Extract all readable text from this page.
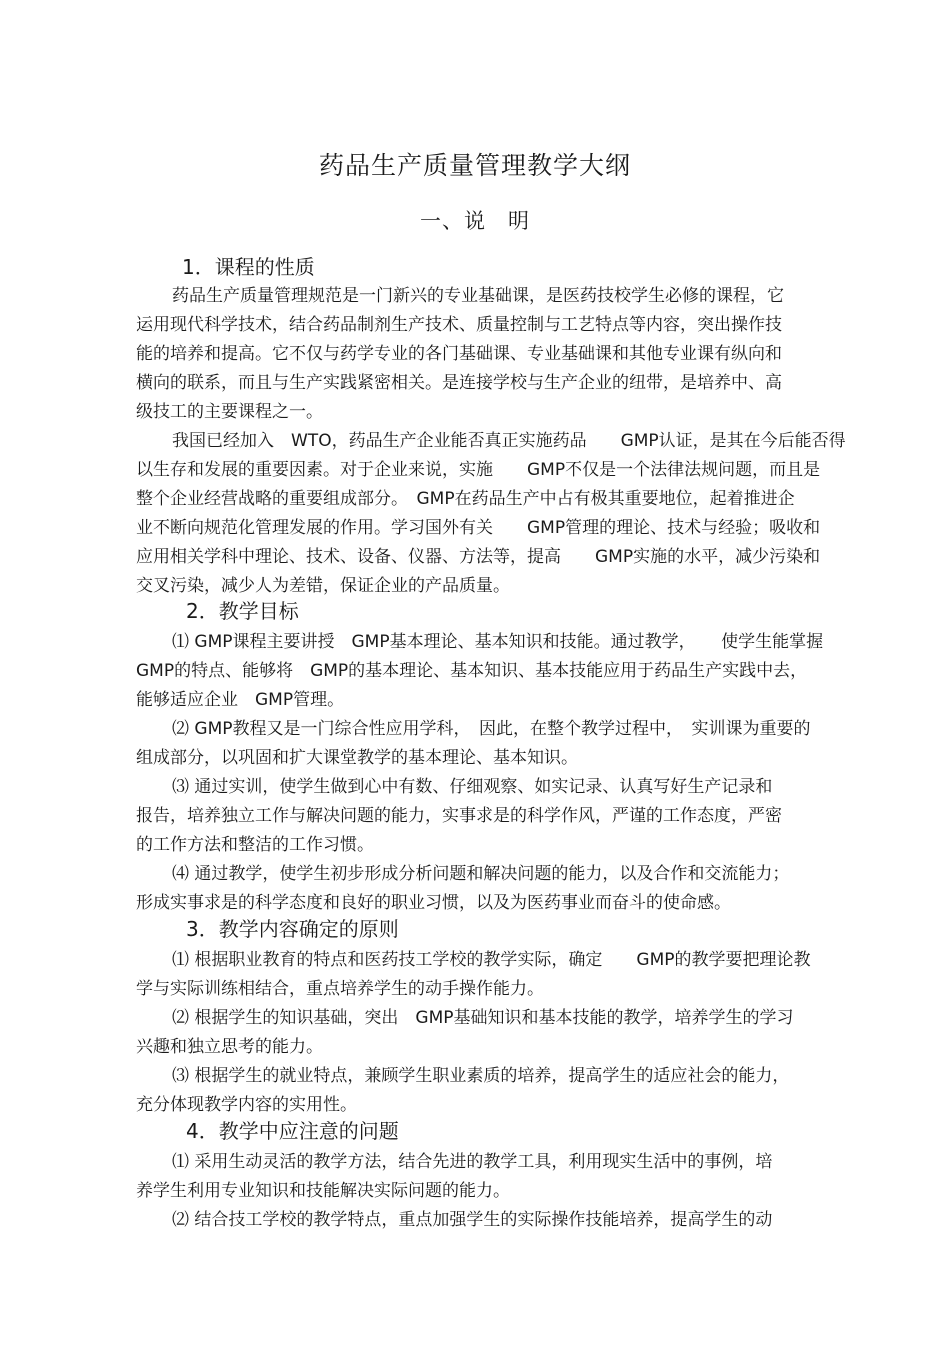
药品生产质量管理教学大纲
一、说　明
1．课程的性质
药品生产质量管理规范是一门新兴的专业基础课，是医药技校学生必修的课程，它
运用现代科学技术，结合药品制剂生产技术、质量控制与工艺特点等内容，突出操作技
能的培养和提高。它不仅与药学专业的各门基础课、专业基础课和其他专业课有纵向和
横向的联系，而且与生产实践紧密相关。是连接学校与生产企业的纽带，是培养中、高
级技工的主要课程之一。
我国已经加入　WTO，药品生产企业能否真正实施药品　　GMP认证，是其在今后能否得
以生存和发展的重要因素。对于企业来说，实施　　GMP不仅是一个法律法规问题，而且是
整个企业经营战略的重要组成部分。　GMP在药品生产中占有极其重要地位，起着推进企
业不断向规范化管理发展的作用。学习国外有关　　GMP管理的理论、技术与经验；吸收和
应用相关学科中理论、技术、设备、仪器、方法等，提高　　GMP实施的水平，减少污染和
交叉污染，减少人为差错，保证企业的产品质量。
2．教学目标
⑴ GMP课程主要讲授　GMP基本理论、基本知识和技能。通过教学，　　使学生能掌握
GMP的特点、能够将　GMP的基本理论、基本知识、基本技能应用于药品生产实践中去，
能够适应企业　GMP管理。
⑵ GMP教程又是一门综合性应用学科，　因此，在整个教学过程中，　实训课为重要的
组成部分，以巩固和扩大课堂教学的基本理论、基本知识。
⑶ 通过实训，使学生做到心中有数、仔细观察、如实记录、认真写好生产记录和
报告，培养独立工作与解决问题的能力，实事求是的科学作风，严谨的工作态度，严密
的工作方法和整洁的工作习惯。
⑷ 通过教学，使学生初步形成分析问题和解决问题的能力，以及合作和交流能力；
形成实事求是的科学态度和良好的职业习惯，以及为医药事业而奋斗的使命感。
3．教学内容确定的原则
⑴ 根据职业教育的特点和医药技工学校的教学实际，确定　　GMP的教学要把理论教
学与实际训练相结合，重点培养学生的动手操作能力。
⑵ 根据学生的知识基础，突出　GMP基础知识和基本技能的教学，培养学生的学习
兴趣和独立思考的能力。
⑶ 根据学生的就业特点，兼顾学生职业素质的培养，提高学生的适应社会的能力，
充分体现教学内容的实用性。
4．教学中应注意的问题
⑴ 采用生动灵活的教学方法，结合先进的教学工具，利用现实生活中的事例，培
养学生利用专业知识和技能解决实际问题的能力。
⑵ 结合技工学校的教学特点，重点加强学生的实际操作技能培养，提高学生的动
